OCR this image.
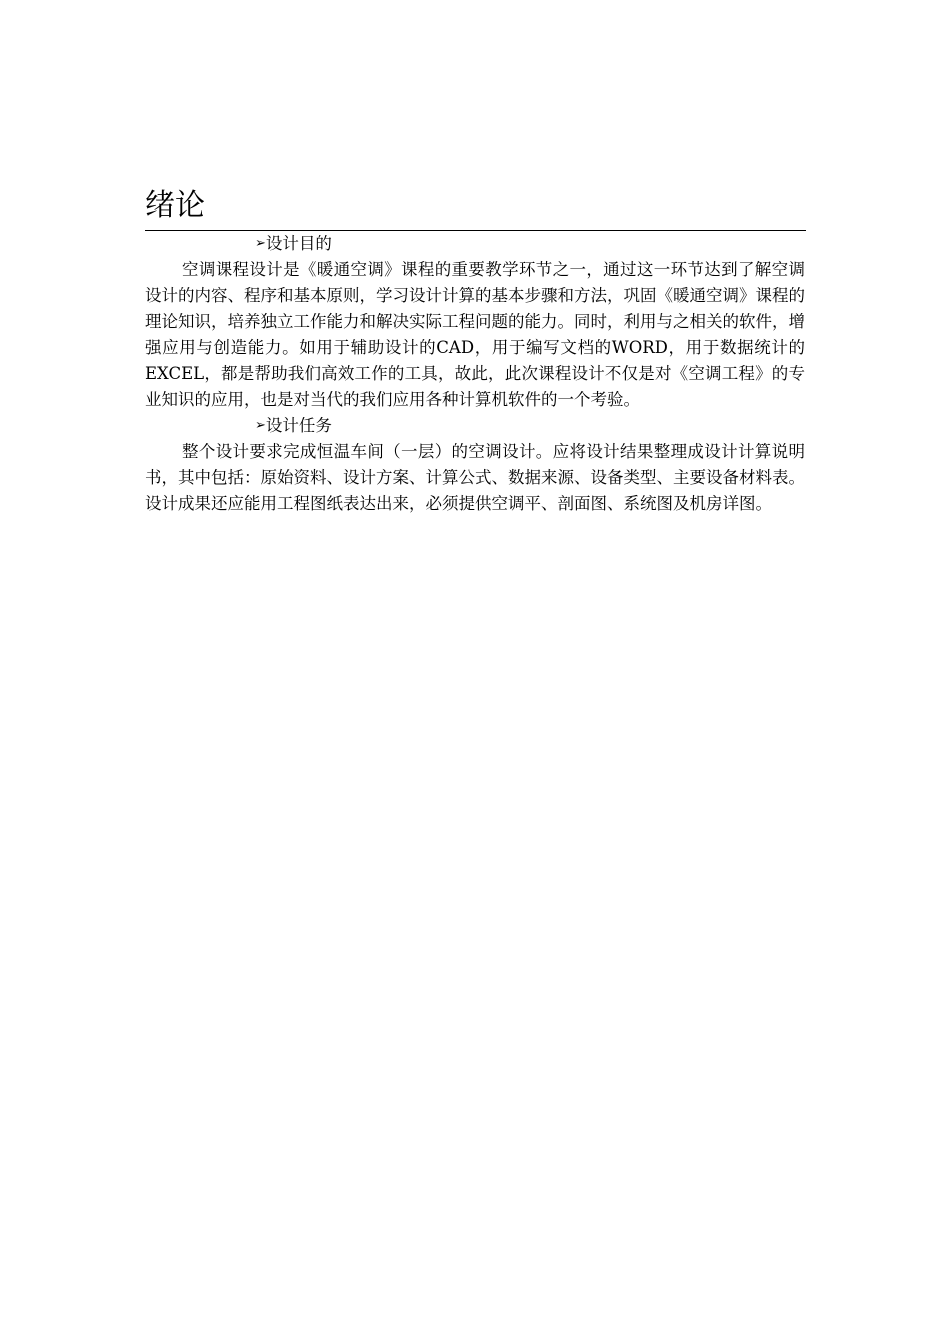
绪论

➢设计目的

空调课程设计是《暖通空调》课程的重要教学环节之一，通过这一环节达到了解空调设计的内容、程序和基本原则，学习设计计算的基本步骤和方法，巩固《暖通空调》课程的理论知识，培养独立工作能力和解决实际工程问题的能力。同时，利用与之相关的软件，增强应用与创造能力。如用于辅助设计的CAD，用于编写文档的WORD，用于数据统计的 EXCEL，都是帮助我们高效工作的工具，故此，此次课程设计不仅是对《空调工程》的专业知识的应用，也是对当代的我们应用各种计算机软件的一个考验。

➢设计任务

整个设计要求完成恒温车间（一层）的空调设计。应将设计结果整理成设计计算说明书，其中包括：原始资料、设计方案、计算公式、数据来源、设备类型、主要设备材料表。设计成果还应能用工程图纸表达出来，必须提供空调平、剖面图、系统图及机房详图。
